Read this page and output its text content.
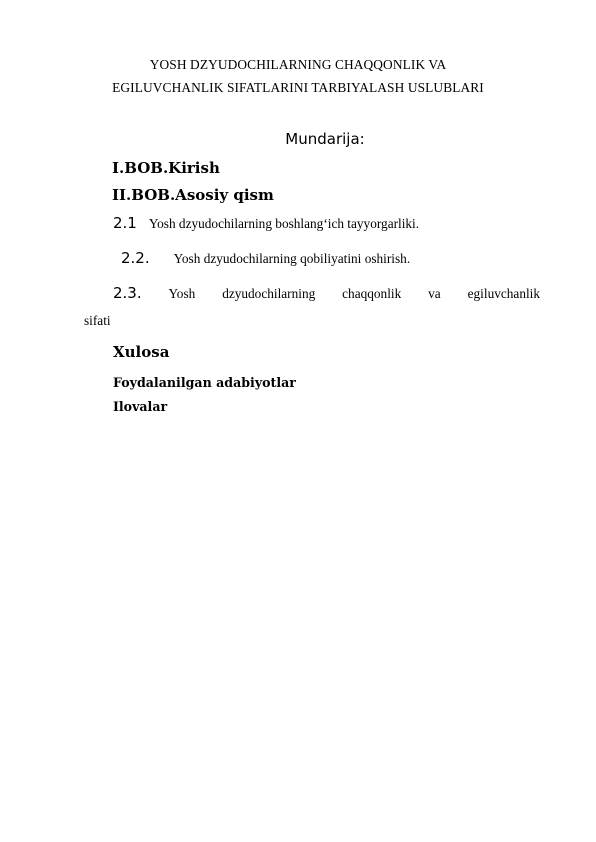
YOSH DZYUDOCHILARNING CHAQQONLIK VA
EGILUVCHANLIK SIFATLARINI TARBIYALASH USLUBLARI
Mundarija:
I.BOB.Kirish
II.BOB.Asosiy qism
2.1 Yosh dzyudochilarning boshlang‘ich tayyorgarliki.
2.2. Yosh dzyudochilarning qobiliyatini oshirish.
2.3. Yosh dzyudochilarning chaqqonlik va egiluvchanlik
sifati
Xulosa
Foydalanilgan adabiyotlar
Ilovalar
